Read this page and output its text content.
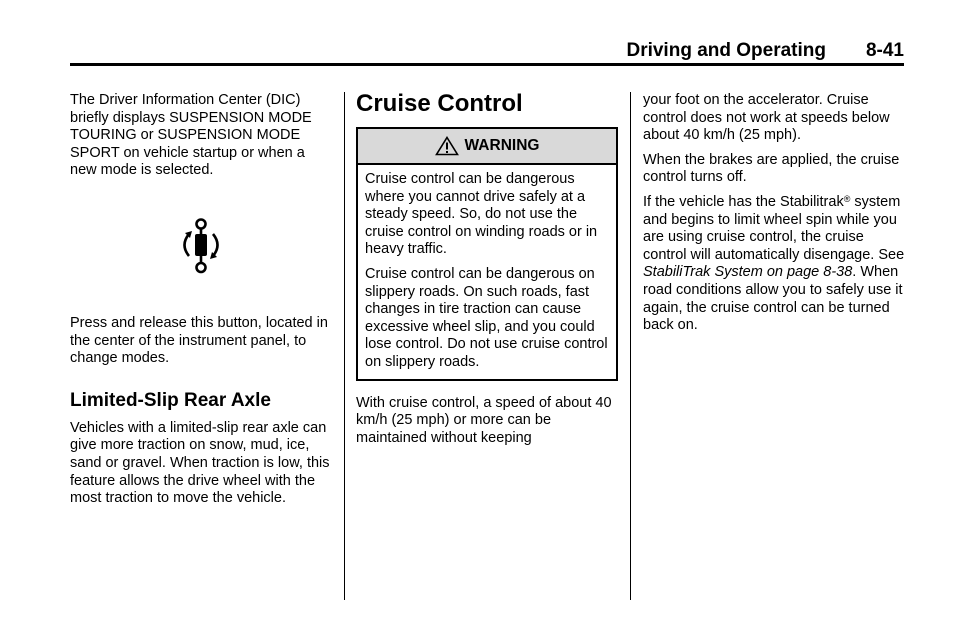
Driving and Operating 8-41

The Driver Information Center (DIC) briefly displays SUSPENSION MODE TOURING or SUSPENSION MODE SPORT on vehicle startup or when a new mode is selected.

Press and release this button, located in the center of the instrument panel, to change modes.

Limited-Slip Rear Axle

Vehicles with a limited-slip rear axle can give more traction on snow, mud, ice, sand or gravel. When traction is low, this feature allows the drive wheel with the most traction to move the vehicle.

Cruise Control
WARNING

Cruise control can be dangerous where you cannot drive safely at a steady speed. So, do not use the cruise control on winding roads or in heavy traffic.

Cruise control can be dangerous on slippery roads. On such roads, fast changes in tire traction can cause excessive wheel slip, and you could lose control. Do not use cruise control on slippery roads.

With cruise control, a speed of about 40 km/h (25 mph) or more can be maintained without keeping

your foot on the accelerator. Cruise control does not work at speeds below about 40 km/h (25 mph).

When the brakes are applied, the cruise control turns off.

If the vehicle has the Stabilitrak® system and begins to limit wheel spin while you are using cruise control, the cruise control will automatically disengage. See StabiliTrak System on page 8-38. When road conditions allow you to safely use it again, the cruise control can be turned back on.
